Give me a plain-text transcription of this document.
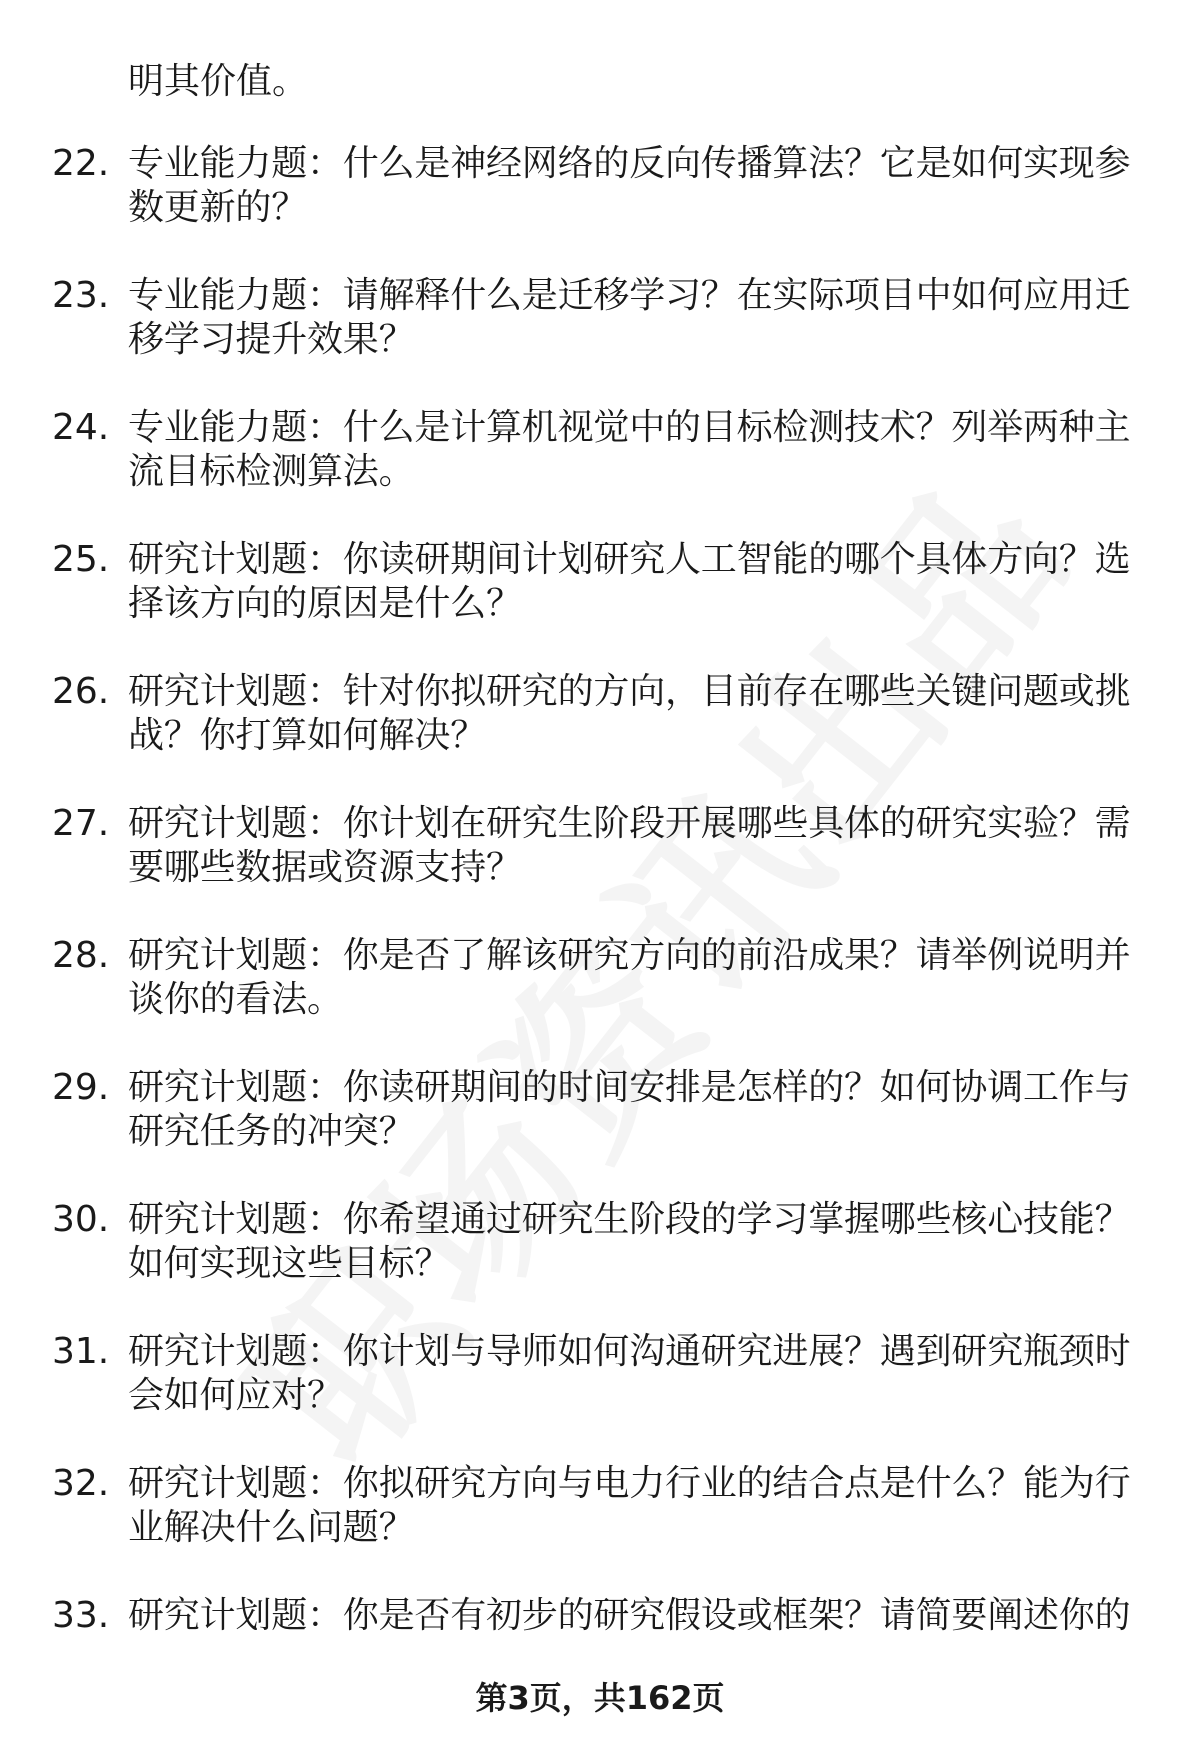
明其价值。
22. 专业能力题：什么是神经网络的反向传播算法？它是如何实现参数更新的？
23. 专业能力题：请解释什么是迁移学习？在实际项目中如何应用迁移学习提升效果？
24. 专业能力题：什么是计算机视觉中的目标检测技术？列举两种主流目标检测算法。
25. 研究计划题：你读研期间计划研究人工智能的哪个具体方向？选择该方向的原因是什么？
26. 研究计划题：针对你拟研究的方向，目前存在哪些关键问题或挑战？你打算如何解决？
27. 研究计划题：你计划在研究生阶段开展哪些具体的研究实验？需要哪些数据或资源支持？
28. 研究计划题：你是否了解该研究方向的前沿成果？请举例说明并谈你的看法。
29. 研究计划题：你读研期间的时间安排是怎样的？如何协调工作与研究任务的冲突？
30. 研究计划题：你希望通过研究生阶段的学习掌握哪些核心技能？如何实现这些目标？
31. 研究计划题：你计划与导师如何沟通研究进展？遇到研究瓶颈时会如何应对？
32. 研究计划题：你拟研究方向与电力行业的结合点是什么？能为行业解决什么问题？
33. 研究计划题：你是否有初步的研究假设或框架？请简要阐述你的
第3页，共162页
